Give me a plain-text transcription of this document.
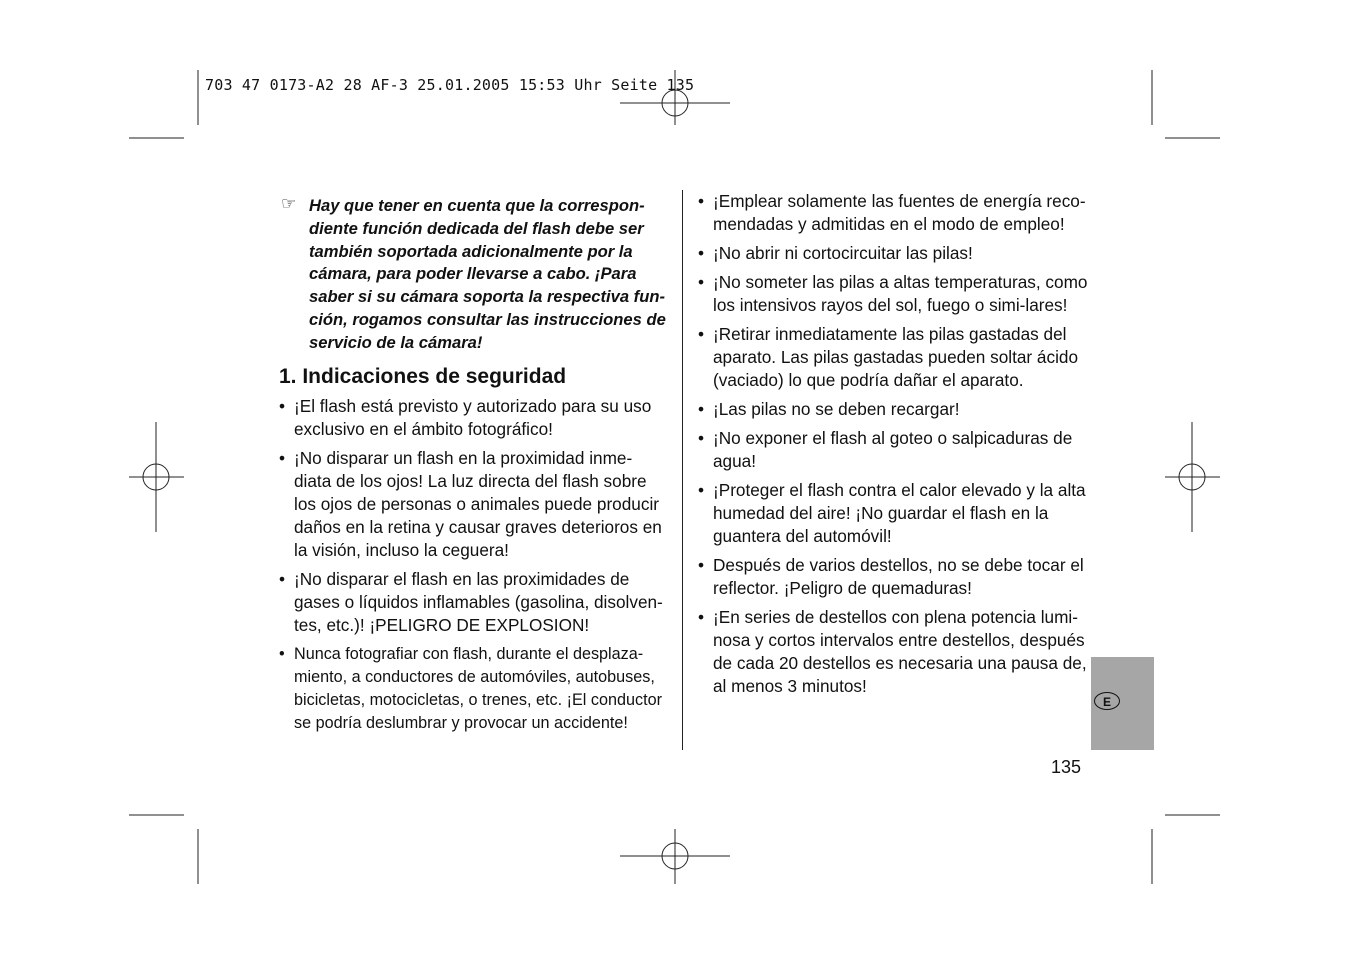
703 47 0173-A2 28 AF-3 25.01.2005 15:53 Uhr Seite 135
☞ Hay que tener en cuenta que la correspon-diente función dedicada del flash debe ser también soportada adicionalmente por la cámara, para poder llevarse a cabo. ¡Para saber si su cámara soporta la respectiva fun-ción, rogamos consultar las instrucciones de servicio de la cámara!
1. Indicaciones de seguridad
• ¡El flash está previsto y autorizado para su uso exclusivo en el ámbito fotográfico!
• ¡No disparar un flash en la proximidad inme-diata de los ojos! La luz directa del flash sobre los ojos de personas o animales puede producir daños en la retina y causar graves deterioros en la visión, incluso la ceguera!
• ¡No disparar el flash en las proximidades de gases o líquidos inflamables (gasolina, disolven-tes, etc.)! ¡PELIGRO DE EXPLOSION!
• Nunca fotografiar con flash, durante el desplaza-miento, a conductores de automóviles, autobuses, bicicletas, motocicletas, o trenes, etc. ¡El conductor se podría deslumbrar y provocar un accidente!
• ¡Emplear solamente las fuentes de energía reco-mendadas y admitidas en el modo de empleo!
• ¡No abrir ni cortocircuitar las pilas!
• ¡No someter las pilas a altas temperaturas, como los intensivos rayos del sol, fuego o simi-lares!
• ¡Retirar inmediatamente las pilas gastadas del aparato. Las pilas gastadas pueden soltar ácido (vaciado) lo que podría dañar el aparato.
• ¡Las pilas no se deben recargar!
• ¡No exponer el flash al goteo o salpicaduras de agua!
• ¡Proteger el flash contra el calor elevado y la alta humedad del aire! ¡No guardar el flash en la guantera del automóvil!
• Después de varios destellos, no se debe tocar el reflector. ¡Peligro de quemaduras!
• ¡En series de destellos con plena potencia lumi-nosa y cortos intervalos entre destellos, después de cada 20 destellos es necesaria una pausa de, al menos 3 minutos!
E
135
